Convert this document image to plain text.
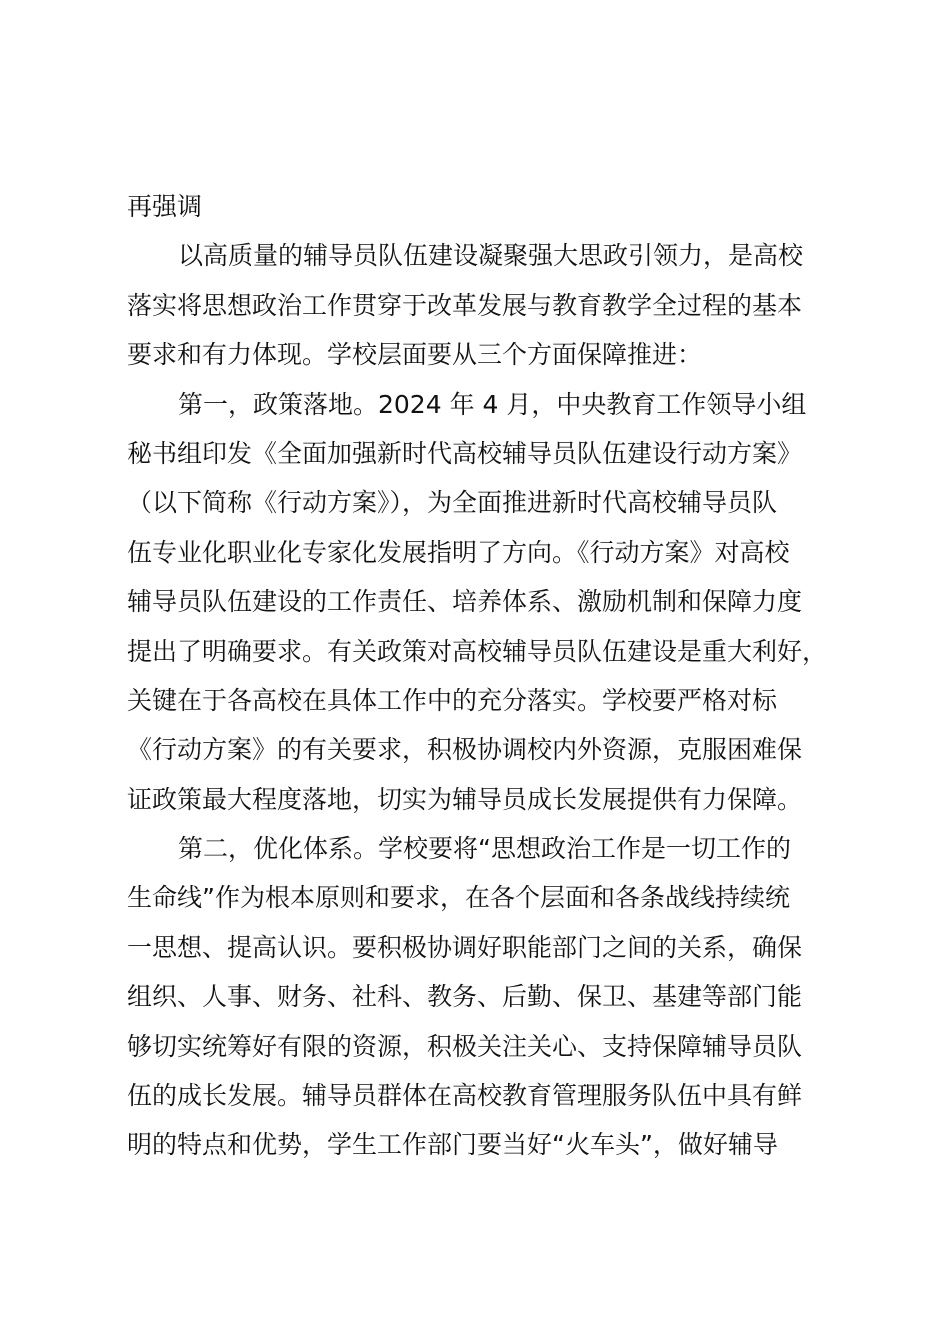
再强调
以高质量的辅导员队伍建设凝聚强大思政引领力，是高校
落实将思想政治工作贯穿于改革发展与教育教学全过程的基本
要求和有力体现。学校层面要从三个方面保障推进：
第一，政策落地。2024 年 4 月，中央教育工作领导小组
秘书组印发《全面加强新时代高校辅导员队伍建设行动方案》
（以下简称《行动方案》），为全面推进新时代高校辅导员队
伍专业化职业化专家化发展指明了方向。《行动方案》对高校
辅导员队伍建设的工作责任、培养体系、激励机制和保障力度
提出了明确要求。有关政策对高校辅导员队伍建设是重大利好，
关键在于各高校在具体工作中的充分落实。学校要严格对标
《行动方案》的有关要求，积极协调校内外资源，克服困难保
证政策最大程度落地，切实为辅导员成长发展提供有力保障。
第二，优化体系。学校要将“思想政治工作是一切工作的
生命线”作为根本原则和要求，在各个层面和各条战线持续统
一思想、提高认识。要积极协调好职能部门之间的关系，确保
组织、人事、财务、社科、教务、后勤、保卫、基建等部门能
够切实统筹好有限的资源，积极关注关心、支持保障辅导员队
伍的成长发展。辅导员群体在高校教育管理服务队伍中具有鲜
明的特点和优势，学生工作部门要当好“火车头”，做好辅导
